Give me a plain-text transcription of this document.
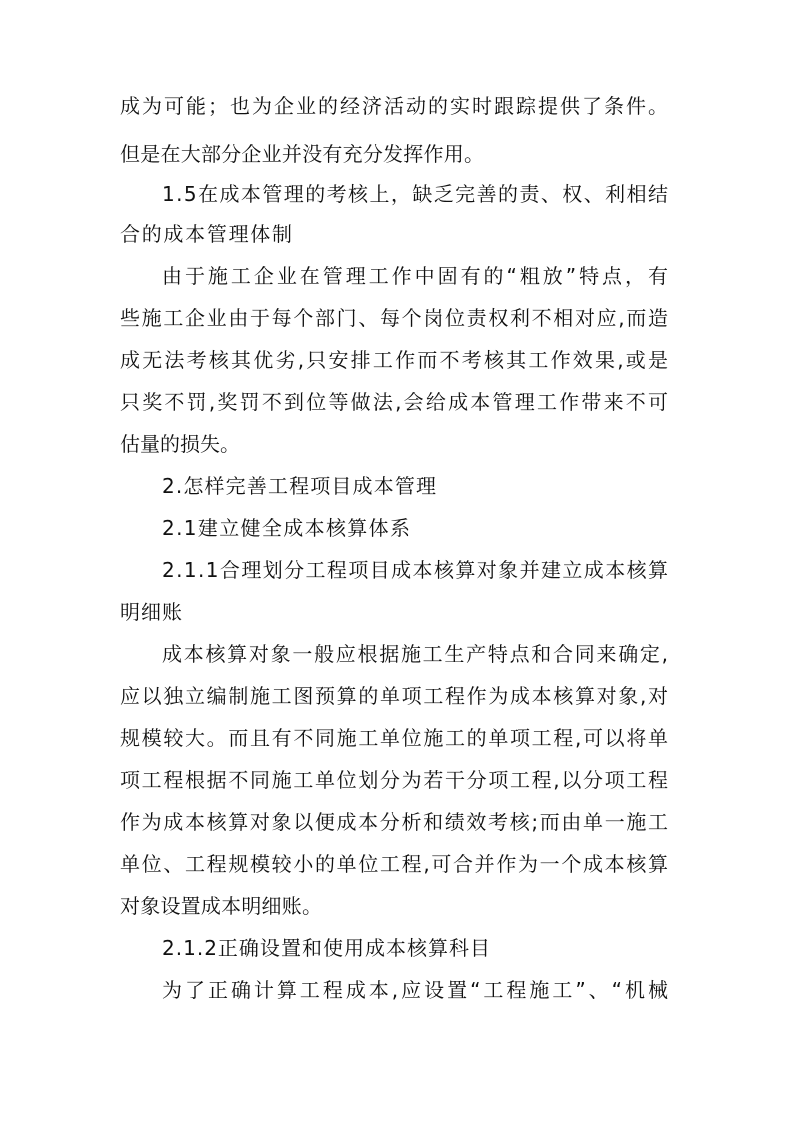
成为可能；也为企业的经济活动的实时跟踪提供了条件。
但是在大部分企业并没有充分发挥作用。
1.5在成本管理的考核上，缺乏完善的责、权、利相结
合的成本管理体制
由于施工企业在管理工作中固有的“粗放”特点，有
些施工企业由于每个部门、每个岗位责权利不相对应,而造
成无法考核其优劣,只安排工作而不考核其工作效果,或是
只奖不罚,奖罚不到位等做法,会给成本管理工作带来不可
估量的损失。
2.怎样完善工程项目成本管理
2.1建立健全成本核算体系
2.1.1合理划分工程项目成本核算对象并建立成本核算
明细账
成本核算对象一般应根据施工生产特点和合同来确定,
应以独立编制施工图预算的单项工程作为成本核算对象,对
规模较大。而且有不同施工单位施工的单项工程,可以将单
项工程根据不同施工单位划分为若干分项工程,以分项工程
作为成本核算对象以便成本分析和绩效考核;而由单一施工
单位、工程规模较小的单位工程,可合并作为一个成本核算
对象设置成本明细账。
2.1.2正确设置和使用成本核算科目
为了正确计算工程成本,应设置“工程施工”、“机械
